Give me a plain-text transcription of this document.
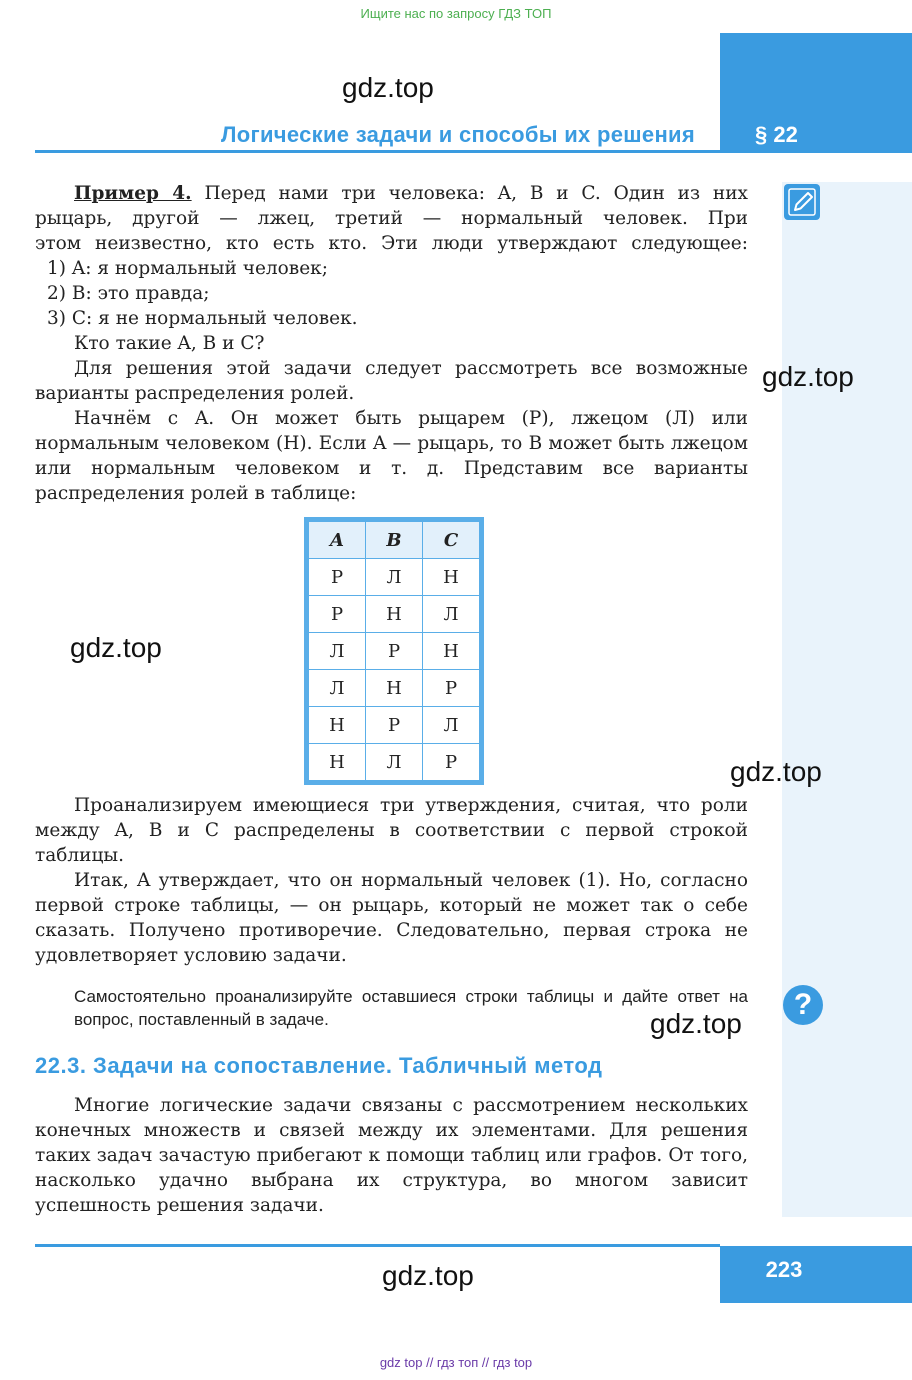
Ищите нас по запросу ГДЗ ТОП
gdz.top
Логические задачи и способы их решения	§ 22
Пример 4. Перед нами три человека: A, B и C. Один из них
рыцарь, другой — лжец, третий — нормальный человек. При
этом неизвестно, кто есть кто. Эти люди утверждают следующее:
1) A: я нормальный человек;
2) B: это правда;
3) C: я не нормальный человек.
Кто такие A, B и C?

Для решения этой задачи следует рассмотреть все возможные варианты распределения ролей.

gdz.top

Начнём с A. Он может быть рыцарем (Р), лжецом (Л) или нормальным человеком (Н). Если A — рыцарь, то B может быть лжецом или нормальным человеком и т. д. Представим все варианты распределения ролей в таблице:

A	B	C
Р	Л	Н
Р	Н	Л
Л	Р	Н
Л	Н	Р
Н	Р	Л
Н	Л	Р
gdz.top
gdz.top

Проанализируем имеющиеся три утверждения, считая, что роли между A, B и C распределены в соответствии с первой строкой таблицы.

Итак, A утверждает, что он нормальный человек (1). Но, согласно первой строке таблицы, — он рыцарь, который не может так о себе сказать. Получено противоречие. Следовательно, первая строка не удовлетворяет условию задачи.

Самостоятельно проанализируйте оставшиеся строки таблицы и дайте ответ на вопрос, поставленный в задаче.	?
gdz.top
22.3. Задачи на сопоставление. Табличный метод

Многие логические задачи связаны с рассмотрением нескольких конечных множеств и связей между их элементами. Для решения таких задач зачастую прибегают к помощи таблиц или графов. От того, насколько удачно выбрана их структура, во многом зависит успешность решения задачи.

223
gdz.top
gdz top // гдз топ // гдз top
